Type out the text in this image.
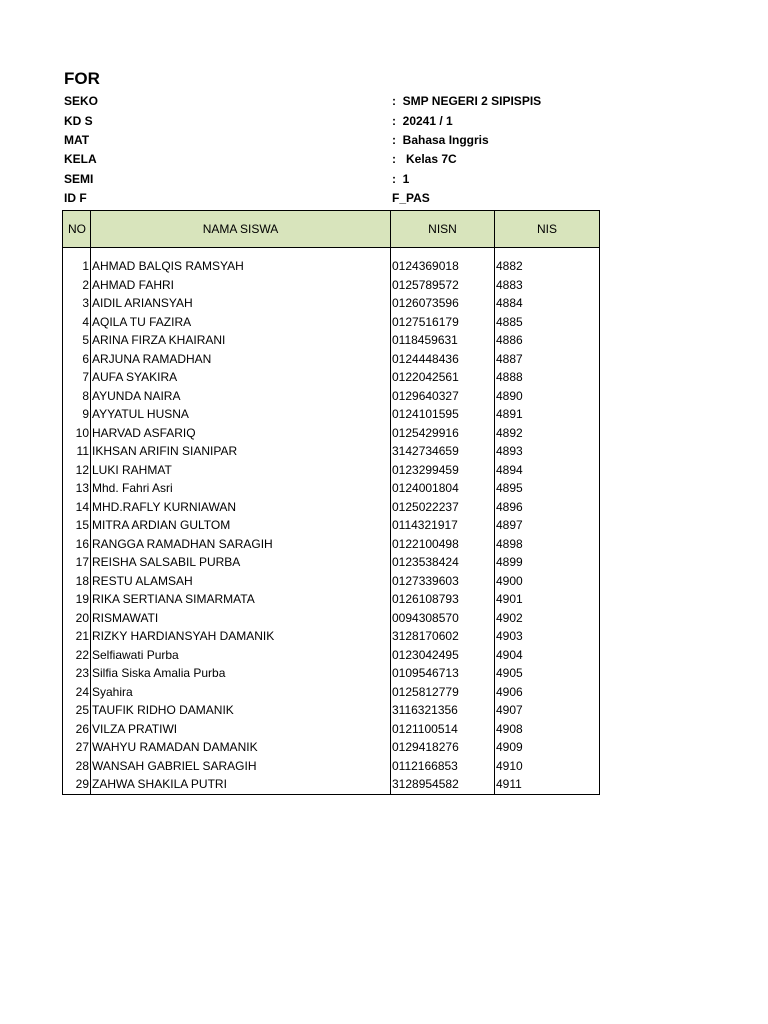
FOR
SEKO	:  SMP NEGERI 2 SIPISPIS
KD S	:  20241 / 1
MAT	:  Bahasa Inggris
KELA	:   Kelas 7C
SEMI	:  1
ID F	F_PAS
NO	NAMA SISWA	NISN	NIS

1	AHMAD BALQIS RAMSYAH	0124369018	4882
2	AHMAD FAHRI	0125789572	4883
3	AIDIL ARIANSYAH	0126073596	4884
4	AQILA TU FAZIRA	0127516179	4885
5	ARINA FIRZA KHAIRANI	0118459631	4886
6	ARJUNA RAMADHAN	0124448436	4887
7	AUFA SYAKIRA	0122042561	4888
8	AYUNDA NAIRA	0129640327	4890
9	AYYATUL HUSNA	0124101595	4891
10	HARVAD ASFARIQ	0125429916	4892
11	IKHSAN ARIFIN SIANIPAR	3142734659	4893
12	LUKI RAHMAT	0123299459	4894
13	Mhd. Fahri Asri	0124001804	4895
14	MHD.RAFLY KURNIAWAN	0125022237	4896
15	MITRA ARDIAN GULTOM	0114321917	4897
16	RANGGA RAMADHAN SARAGIH	0122100498	4898
17	REISHA SALSABIL PURBA	0123538424	4899
18	RESTU ALAMSAH	0127339603	4900
19	RIKA SERTIANA SIMARMATA	0126108793	4901
20	RISMAWATI	0094308570	4902
21	RIZKY HARDIANSYAH DAMANIK	3128170602	4903
22	Selfiawati Purba	0123042495	4904
23	Silfia Siska Amalia Purba	0109546713	4905
24	Syahira	0125812779	4906
25	TAUFIK RIDHO DAMANIK	3116321356	4907
26	VILZA PRATIWI	0121100514	4908
27	WAHYU RAMADAN DAMANIK	0129418276	4909
28	WANSAH GABRIEL SARAGIH	0112166853	4910
29	ZAHWA SHAKILA PUTRI	3128954582	4911
